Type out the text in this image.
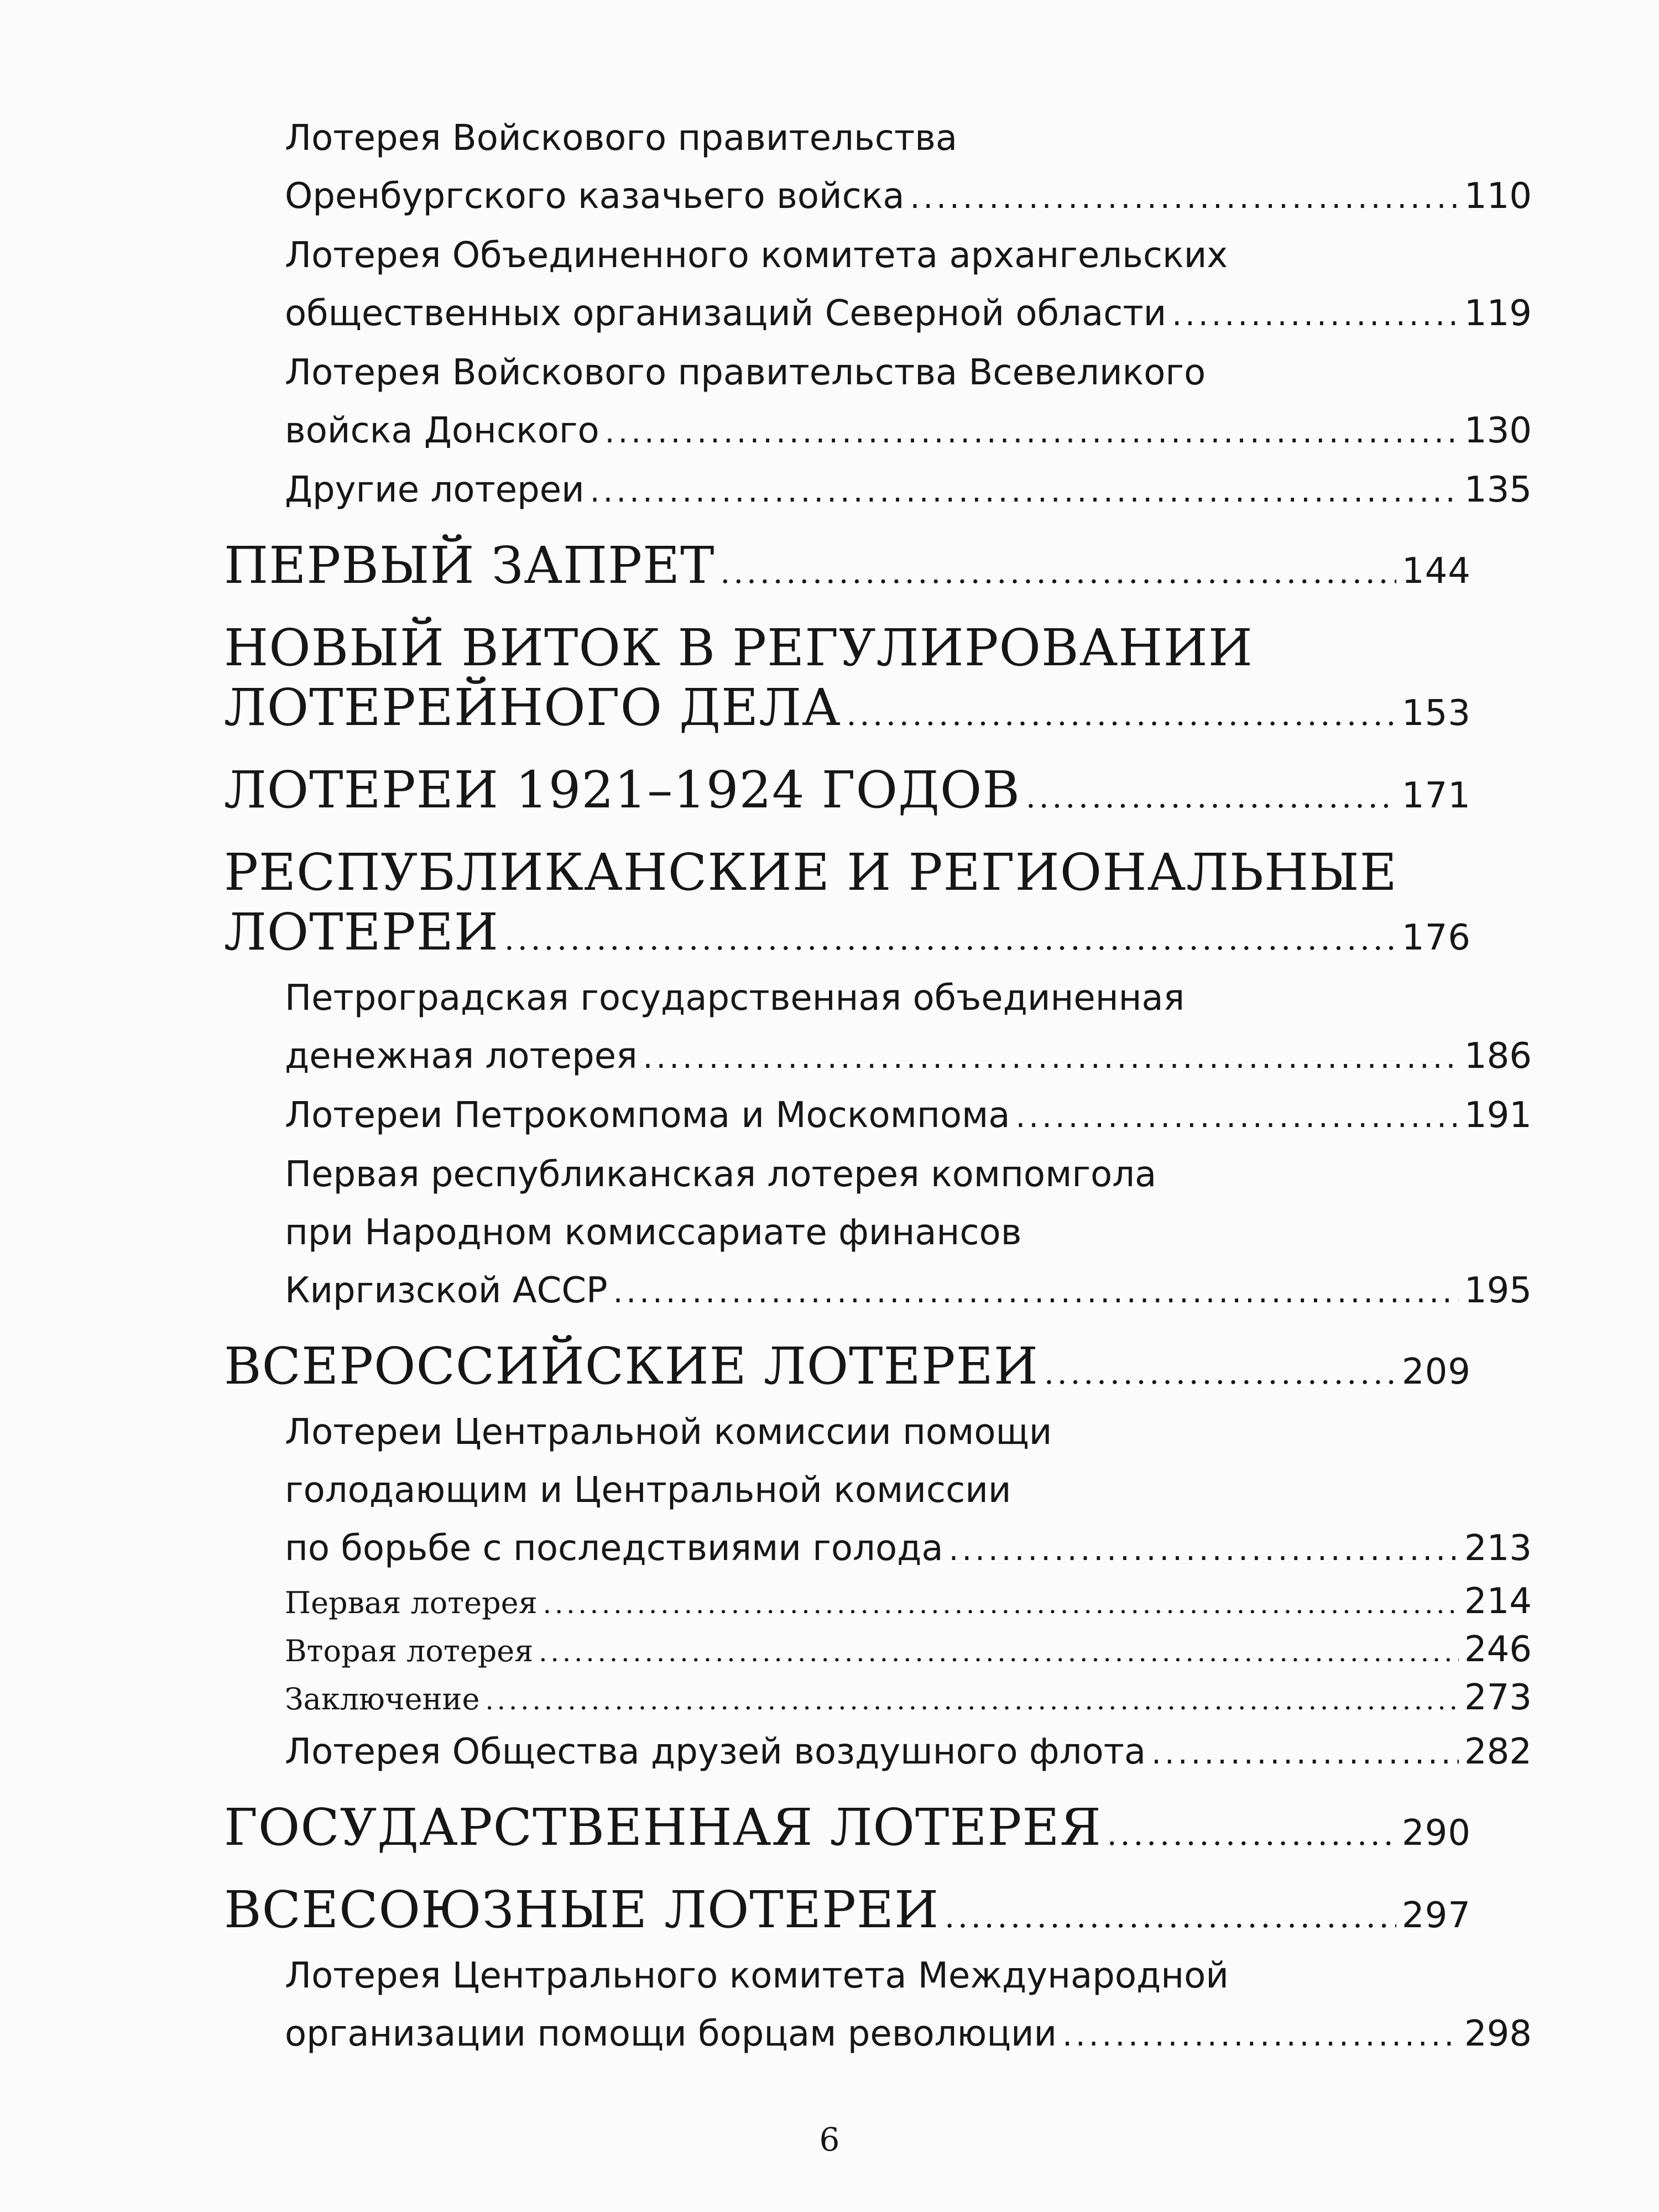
Лотерея Войскового правительства
Оренбургского казачьего войска .....	110
Лотерея Объединенного комитета архангельских
общественных организаций Северной области .....	119
Лотерея Войскового правительства Всевеликого
войска Донского .....	130
Другие лотереи .....	135
ПЕРВЫЙ ЗАПРЕТ .....	144
НОВЫЙ ВИТОК В РЕГУЛИРОВАНИИ
ЛОТЕРЕЙНОГО ДЕЛА .....	153
ЛОТЕРЕИ 1921–1924 ГОДОВ .....	171
РЕСПУБЛИКАНСКИЕ И РЕГИОНАЛЬНЫЕ
ЛОТЕРЕИ .....	176
Петроградская государственная объединенная
денежная лотерея .....	186
Лотереи Петрокомпома и Москомпома .....	191
Первая республиканская лотерея компомгола
при Народном комиссариате финансов
Киргизской АССР .....	195
ВСЕРОССИЙСКИЕ ЛОТЕРЕИ .....	209
Лотереи Центральной комиссии помощи
голодающим и Центральной комиссии
по борьбе с последствиями голода .....	213
Первая лотерея .....	214
Вторая лотерея .....	246
Заключение .....	273
Лотерея Общества друзей воздушного флота .....	282
ГОСУДАРСТВЕННАЯ ЛОТЕРЕЯ .....	290
ВСЕСОЮЗНЫЕ ЛОТЕРЕИ .....	297
Лотерея Центрального комитета Международной
организации помощи борцам революции .....	298
6
